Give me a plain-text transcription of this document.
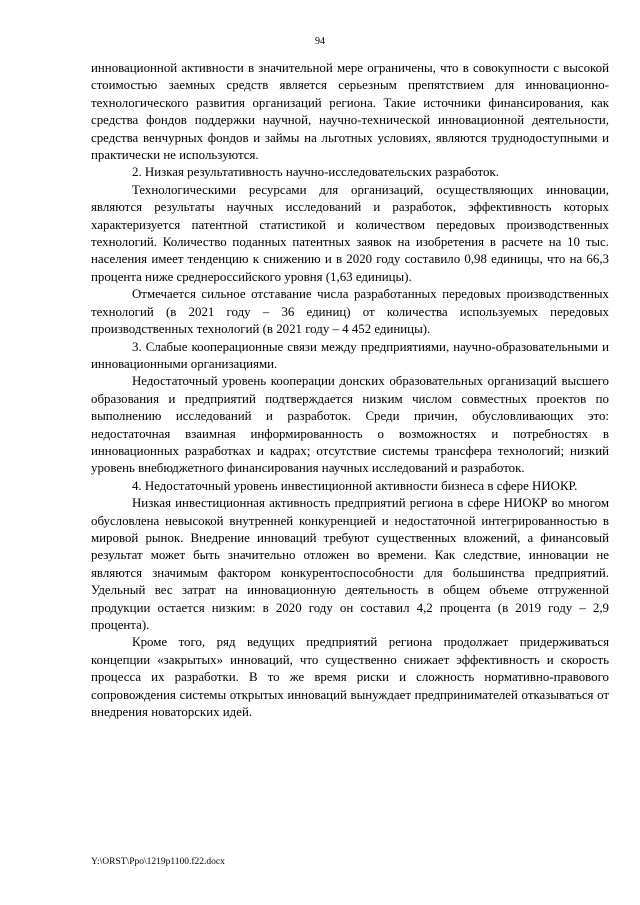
94

инновационной активности в значительной мере ограничены, что в совокупности с высокой стоимостью заемных средств является серьезным препятствием для инновационно-технологического развития организаций региона. Такие источники финансирования, как средства фондов поддержки научной, научно-технической инновационной деятельности, средства венчурных фондов и займы на льготных условиях, являются труднодоступными и практически не используются.

2. Низкая результативность научно-исследовательских разработок.

Технологическими ресурсами для организаций, осуществляющих инновации, являются результаты научных исследований и разработок, эффективность которых характеризуется патентной статистикой и количеством передовых производственных технологий. Количество поданных патентных заявок на изобретения в расчете на 10 тыс. населения имеет тенденцию к снижению и в 2020 году составило 0,98 единицы, что на 66,3 процента ниже среднероссийского уровня (1,63 единицы).

Отмечается сильное отставание числа разработанных передовых производственных технологий (в 2021 году – 36 единиц) от количества используемых передовых производственных технологий (в 2021 году – 4 452 единицы).

3. Слабые кооперационные связи между предприятиями, научно-образовательными и инновационными организациями.

Недостаточный уровень кооперации донских образовательных организаций высшего образования и предприятий подтверждается низким числом совместных проектов по выполнению исследований и разработок. Среди причин, обусловливающих это: недостаточная взаимная информированность о возможностях и потребностях в инновационных разработках и кадрах; отсутствие системы трансфера технологий; низкий уровень внебюджетного финансирования научных исследований и разработок.

4. Недостаточный уровень инвестиционной активности бизнеса в сфере НИОКР.

Низкая инвестиционная активность предприятий региона в сфере НИОКР во многом обусловлена невысокой внутренней конкуренцией и недостаточной интегрированностью в мировой рынок. Внедрение инноваций требуют существенных вложений, а финансовый результат может быть значительно отложен во времени. Как следствие, инновации не являются значимым фактором конкурентоспособности для большинства предприятий. Удельный вес затрат на инновационную деятельность в общем объеме отгруженной продукции остается низким: в 2020 году он составил 4,2 процента (в 2019 году – 2,9 процента).

Кроме того, ряд ведущих предприятий региона продолжает придерживаться концепции «закрытых» инноваций, что существенно снижает эффективность и скорость процесса их разработки. В то же время риски и сложность нормативно-правового сопровождения системы открытых инноваций вынуждает предпринимателей отказываться от внедрения новаторских идей.

Y:\ORST\Ppo\1219p1100.f22.docx
